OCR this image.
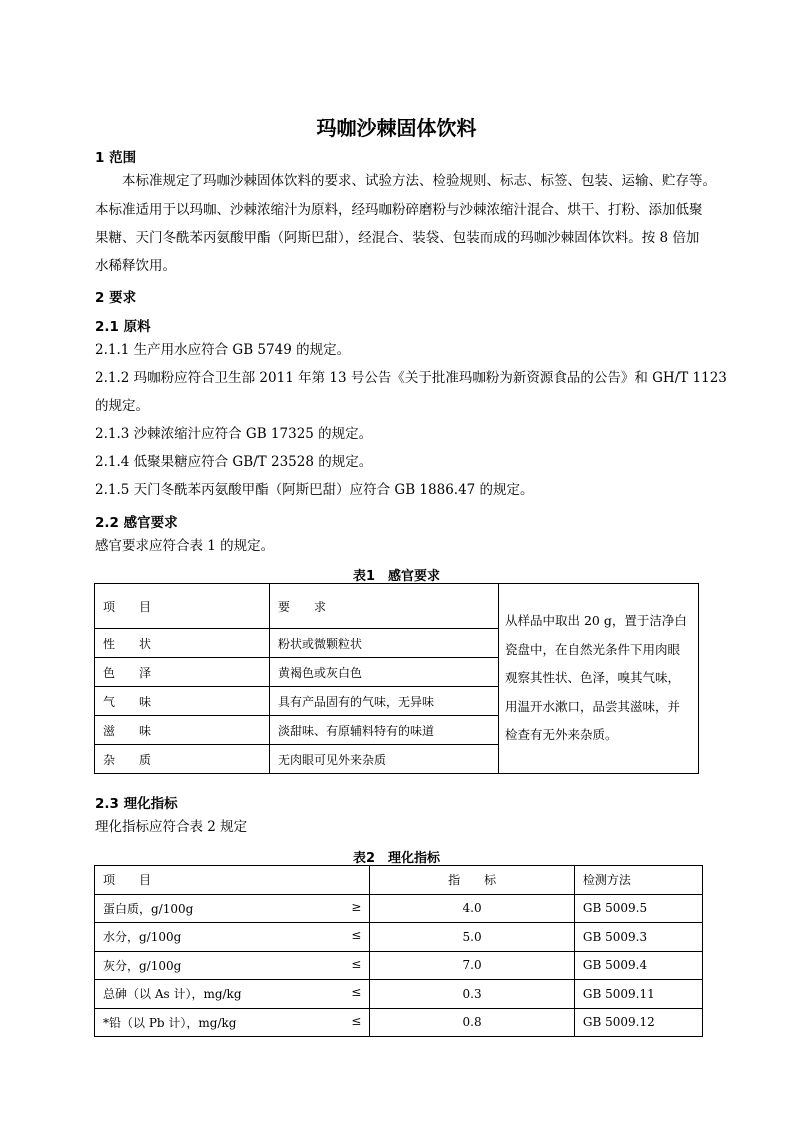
玛咖沙棘固体饮料
1 范围
本标准规定了玛咖沙棘固体饮料的要求、试验方法、检验规则、标志、标签、包装、运输、贮存等。
本标准适用于以玛咖、沙棘浓缩汁为原料，经玛咖粉碎磨粉与沙棘浓缩汁混合、烘干、打粉、添加低聚
果糖、天门冬酰苯丙氨酸甲酯（阿斯巴甜），经混合、装袋、包装而成的玛咖沙棘固体饮料。按 8 倍加
水稀释饮用。
2 要求
2.1 原料
2.1.1 生产用水应符合 GB 5749 的规定。
2.1.2 玛咖粉应符合卫生部 2011 年第 13 号公告《关于批准玛咖粉为新资源食品的公告》和 GH/T 1123
的规定。
2.1.3 沙棘浓缩汁应符合 GB 17325 的规定。
2.1.4 低聚果糖应符合 GB/T 23528 的规定。
2.1.5 天门冬酰苯丙氨酸甲酯（阿斯巴甜）应符合 GB 1886.47 的规定。
2.2 感官要求
感官要求应符合表 1 的规定。
表1　感官要求
项　　目	要　　求	从样品中取出 20 g，置于洁净白瓷盘中，在自然光条件下用肉眼观察其性状、色泽，嗅其气味，用温开水漱口，品尝其滋味，并检查有无外来杂质。
性　　状	粉状或微颗粒状	
色　　泽	黄褐色或灰白色	
气　　味	具有产品固有的气味，无异味	
滋　　味	淡甜味、有原辅料特有的味道	
杂　　质	无肉眼可见外来杂质	
2.3 理化指标
理化指标应符合表 2 规定
表2　理化指标
项　　目	指　　标	检测方法
蛋白质，g/100g ≥	4.0	GB 5009.5
水分，g/100g ≤	5.0	GB 5009.3
灰分，g/100g ≤	7.0	GB 5009.4
总砷（以 As 计），mg/kg ≤	0.3	GB 5009.11
*铅（以 Pb 计），mg/kg ≤	0.8	GB 5009.12
